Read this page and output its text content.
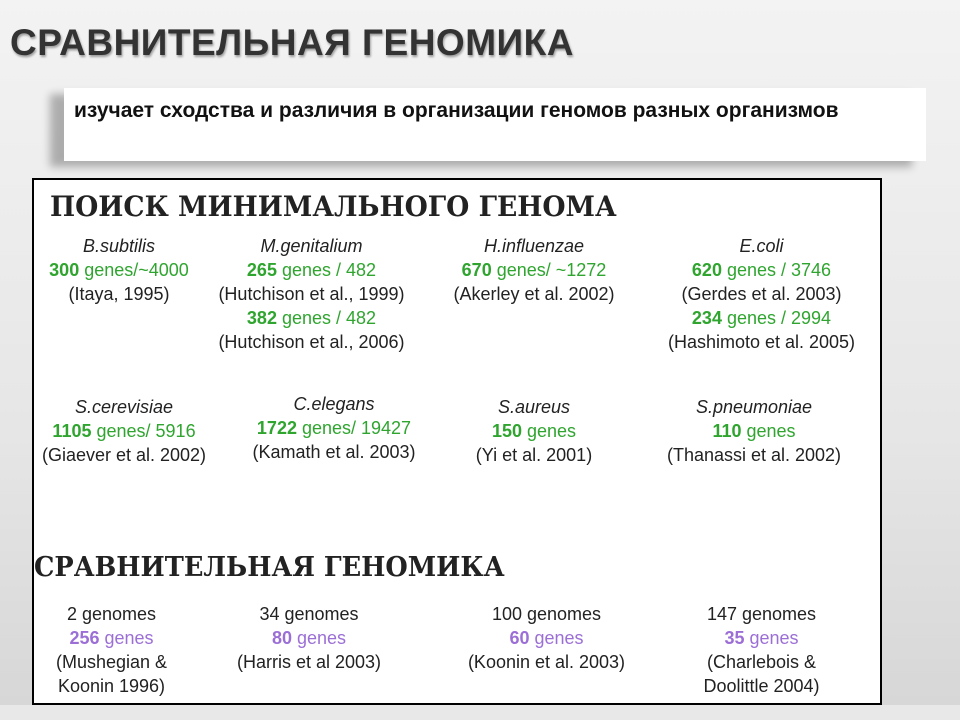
СРАВНИТЕЛЬНАЯ ГЕНОМИКА
изучает сходства и различия в организации геномов разных организмов
ПОИСК МИНИМАЛЬНОГО ГЕНОМА
B.subtilis
300 genes/~4000
(Itaya, 1995)
M.genitalium
265 genes / 482
(Hutchison et al., 1999)
382 genes / 482
(Hutchison et al., 2006)
H.influenzae
670 genes/ ~1272
(Akerley et al. 2002)
E.coli
620 genes / 3746
(Gerdes et al. 2003)
234 genes / 2994
(Hashimoto et al. 2005)
S.cerevisiae
1105 genes/ 5916
(Giaever et al. 2002)
C.elegans
1722 genes/ 19427
(Kamath et al. 2003)
S.aureus
150 genes
(Yi et al. 2001)
S.pneumoniae
110 genes
(Thanassi et al. 2002)
СРАВНИТЕЛЬНАЯ ГЕНОМИКА
2 genomes
256 genes
(Mushegian &
Koonin 1996)
34 genomes
80 genes
(Harris et al 2003)
100 genomes
60 genes
(Koonin et al. 2003)
147 genomes
35 genes
(Charlebois &
Doolittle 2004)
